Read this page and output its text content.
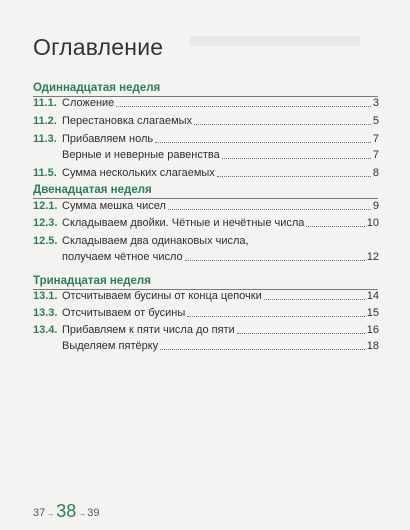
Оглавление
Одиннадцатая неделя
11.1. Сложение	3
11.2. Перестановка слагаемых	5
11.3. Прибавляем ноль	7
Верные и неверные равенства	7
11.5. Сумма нескольких слагаемых	8
Двенадцатая неделя
12.1. Сумма мешка чисел	9
12.3. Складываем двойки. Чётные и нечётные числа	10
12.5. Складываем два одинаковых числа,
получаем чётное число	12
Тринадцатая неделя
13.1. Отсчитываем бусины от конца цепочки	14
13.3. Отсчитываем от бусины	15
13.4. Прибавляем к пяти числа до пяти	16
Выделяем пятёрку	18
37 → 38 → 39
